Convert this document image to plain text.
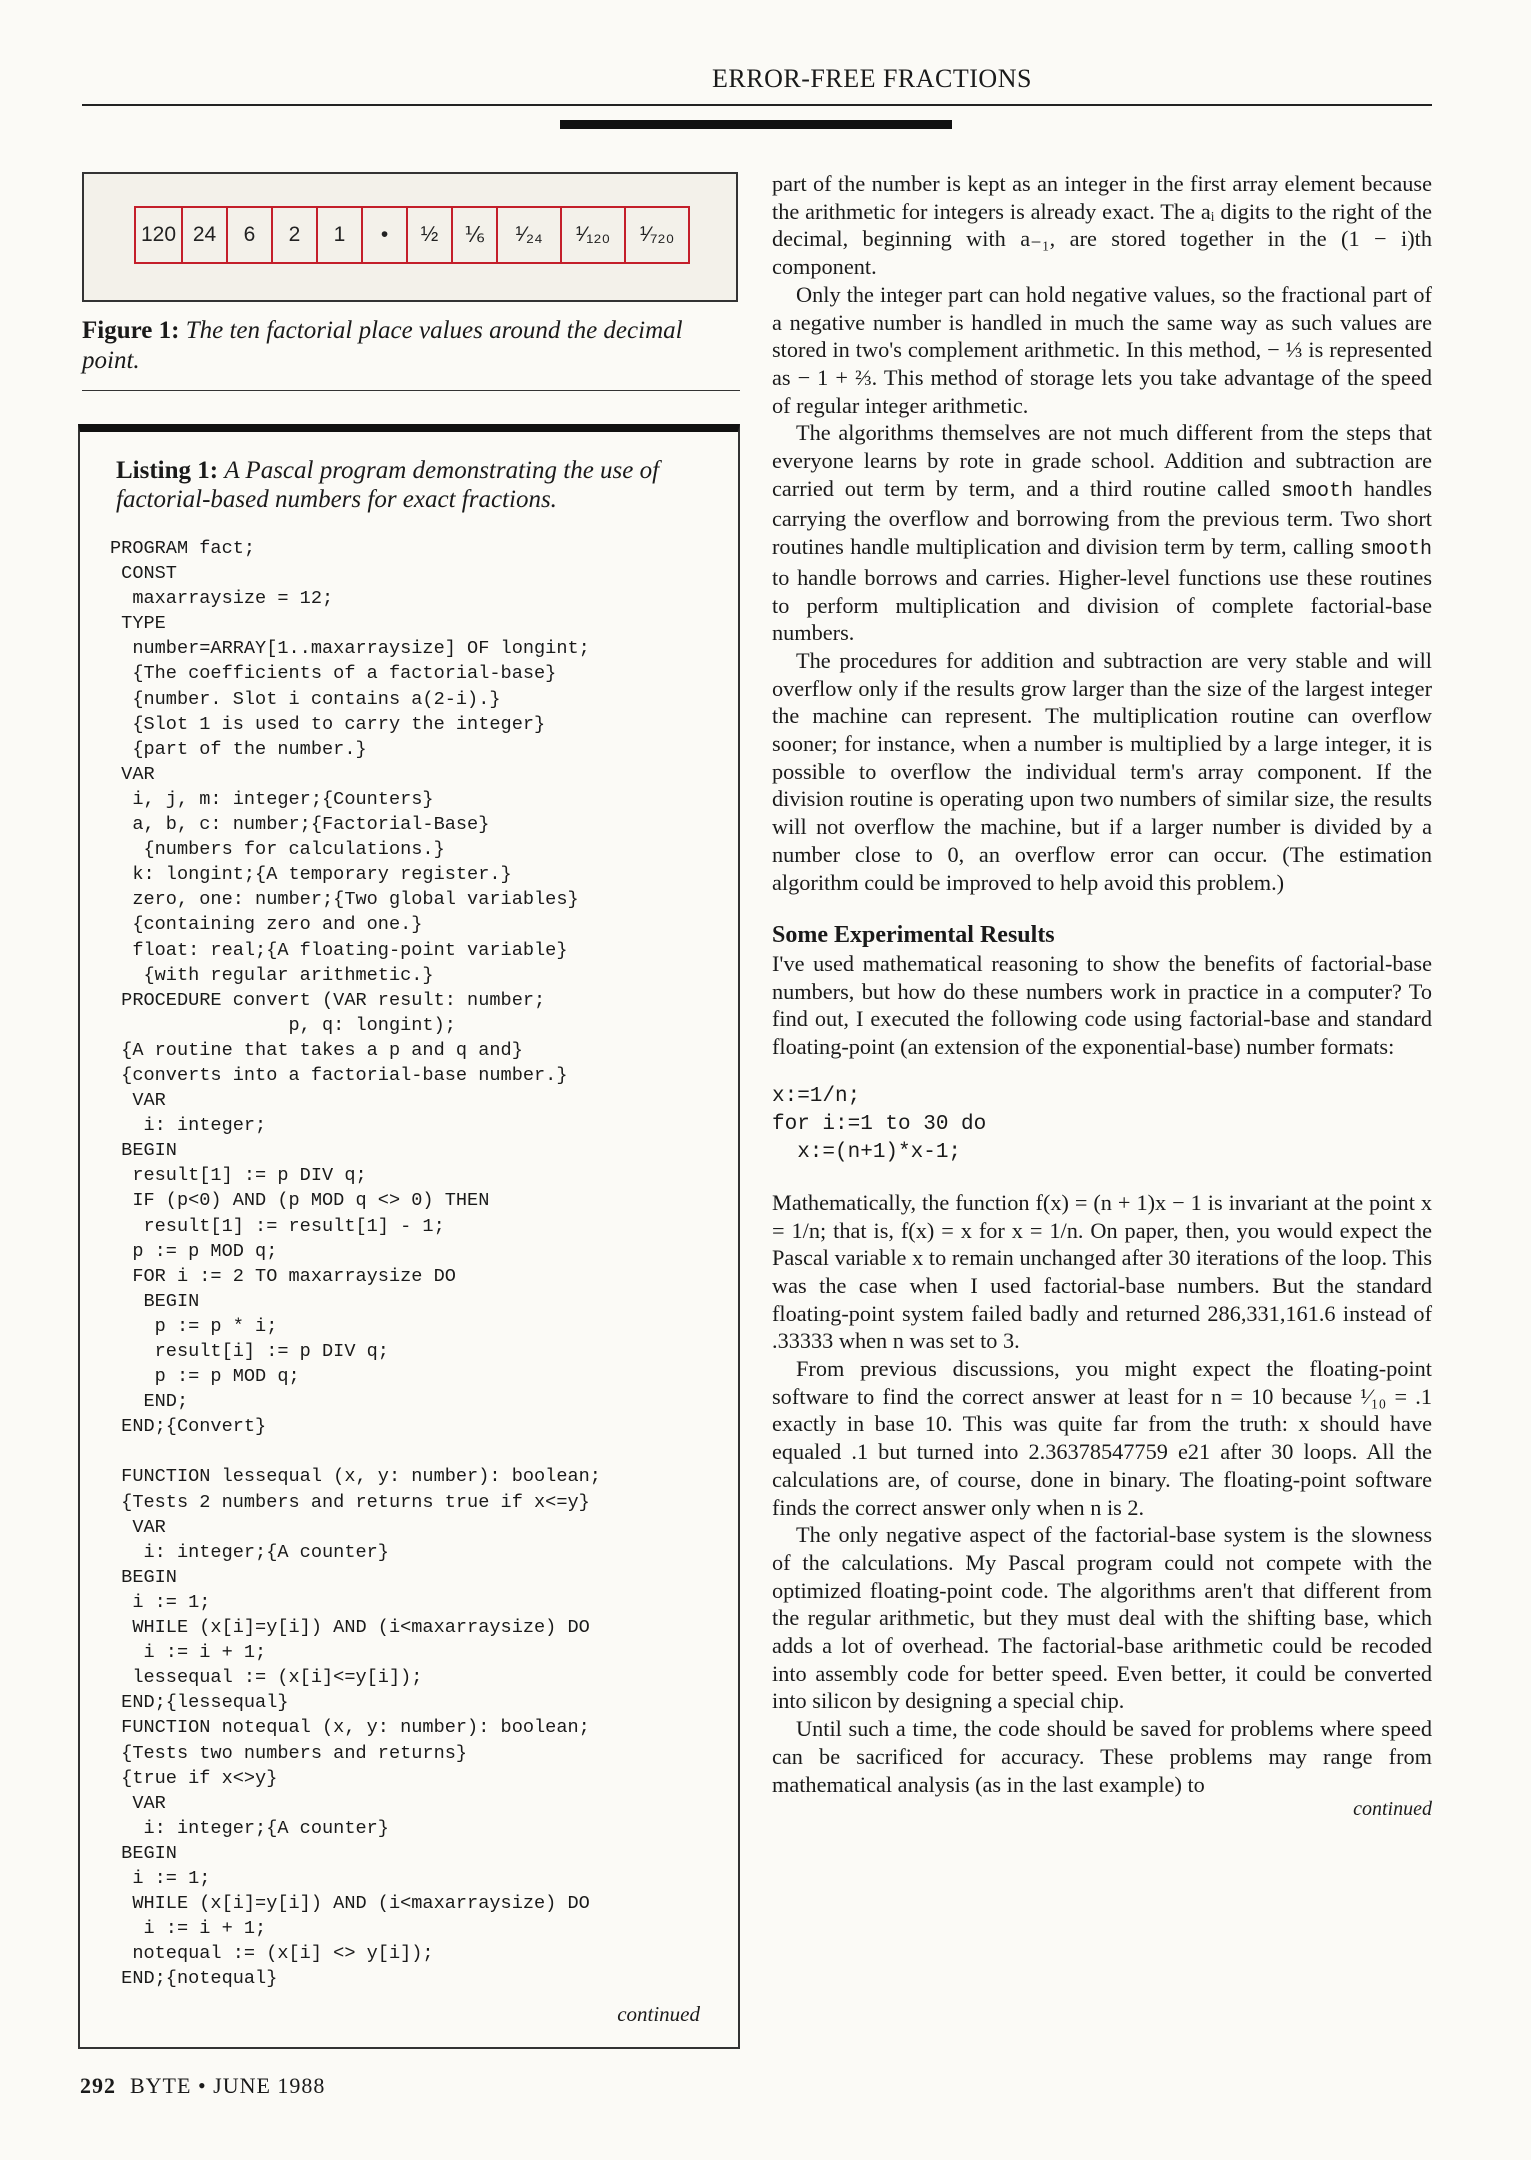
ERROR-FREE FRACTIONS
120 24	6	2	1	•	½	⅙	¹⁄₂₄	¹⁄₁₂₀	¹⁄₇₂₀
Figure 1: The ten factorial place values around the decimal point.
Listing 1: A Pascal program demonstrating the use of factorial-based numbers for exact fractions.
PROGRAM fact;
CONST
maxarraysize = 12;
TYPE
number=ARRAY[1..maxarraysize] OF longint;
{The coefficients of a factorial-base}
{number. Slot i contains a(2-i).}
{Slot 1 is used to carry the integer}
{part of the number.}
VAR
i, j, m: integer;{Counters}
a, b, c: number;{Factorial-Base}
{numbers for calculations.}
k: longint;{A temporary register.}
zero, one: number;{Two global variables}
{containing zero and one.}
float: real;{A floating-point variable}
{with regular arithmetic.}
PROCEDURE convert (VAR result: number;
p, q: longint);
{A routine that takes a p and q and}
{converts into a factorial-base number.}
VAR
i: integer;
BEGIN
result[1] := p DIV q;
IF (p<0) AND (p MOD q <> 0) THEN
result[1] := result[1] - 1;
p := p MOD q;
FOR i := 2 TO maxarraysize DO
BEGIN
p := p * i;
result[i] := p DIV q;
p := p MOD q;
END;
END;{Convert}

FUNCTION lessequal (x, y: number): boolean;
{Tests 2 numbers and returns true if x<=y}
VAR
i: integer;{A counter}
BEGIN
i := 1;
WHILE (x[i]=y[i]) AND (i<maxarraysize) DO
i := i + 1;
lessequal := (x[i]<=y[i]);
END;{lessequal}
FUNCTION notequal (x, y: number): boolean;
{Tests two numbers and returns}
{true if x<>y}
VAR
i: integer;{A counter}
BEGIN
i := 1;
WHILE (x[i]=y[i]) AND (i<maxarraysize) DO
i := i + 1;
notequal := (x[i] <> y[i]);
END;{notequal}
continued

part of the number is kept as an integer in the first array element because the arithmetic for integers is already exact. The aᵢ digits to the right of the decimal, beginning with a₋₁, are stored together in the (1 − i)th component.

Only the integer part can hold negative values, so the fractional part of a negative number is handled in much the same way as such values are stored in two's complement arithmetic. In this method, − ⅓ is represented as − 1 + ⅔. This method of storage lets you take advantage of the speed of regular integer arithmetic.

The algorithms themselves are not much different from the steps that everyone learns by rote in grade school. Addition and subtraction are carried out term by term, and a third routine called smooth handles carrying the overflow and borrowing from the previous term. Two short routines handle multiplication and division term by term, calling smooth to handle borrows and carries. Higher-level functions use these routines to perform multiplication and division of complete factorial-base numbers.

The procedures for addition and subtraction are very stable and will overflow only if the results grow larger than the size of the largest integer the machine can represent. The multiplication routine can overflow sooner; for instance, when a number is multiplied by a large integer, it is possible to overflow the individual term's array component. If the division routine is operating upon two numbers of similar size, the results will not overflow the machine, but if a larger number is divided by a number close to 0, an overflow error can occur. (The estimation algorithm could be improved to help avoid this problem.)

Some Experimental Results

I've used mathematical reasoning to show the benefits of factorial-base numbers, but how do these numbers work in practice in a computer? To find out, I executed the following code using factorial-base and standard floating-point (an extension of the exponential-base) number formats:

x:=1/n;
for i:=1 to 30 do
x:=(n+1)*x-1;

Mathematically, the function f(x) = (n + 1)x − 1 is invariant at the point x = 1/n; that is, f(x) = x for x = 1/n. On paper, then, you would expect the Pascal variable x to remain unchanged after 30 iterations of the loop. This was the case when I used factorial-base numbers. But the standard floating-point system failed badly and returned 286,331,161.6 instead of .33333 when n was set to 3.

From previous discussions, you might expect the floating-point software to find the correct answer at least for n = 10 because ¹⁄₁₀ = .1 exactly in base 10. This was quite far from the truth: x should have equaled .1 but turned into 2.36378547759 e21 after 30 loops. All the calculations are, of course, done in binary. The floating-point software finds the correct answer only when n is 2.

The only negative aspect of the factorial-base system is the slowness of the calculations. My Pascal program could not compete with the optimized floating-point code. The algorithms aren't that different from the regular arithmetic, but they must deal with the shifting base, which adds a lot of overhead. The factorial-base arithmetic could be recoded into assembly code for better speed. Even better, it could be converted into silicon by designing a special chip.

Until such a time, the code should be saved for problems where speed can be sacrificed for accuracy. These problems may range from mathematical analysis (as in the last example) to

continued
292 BYTE • JUNE 1988
